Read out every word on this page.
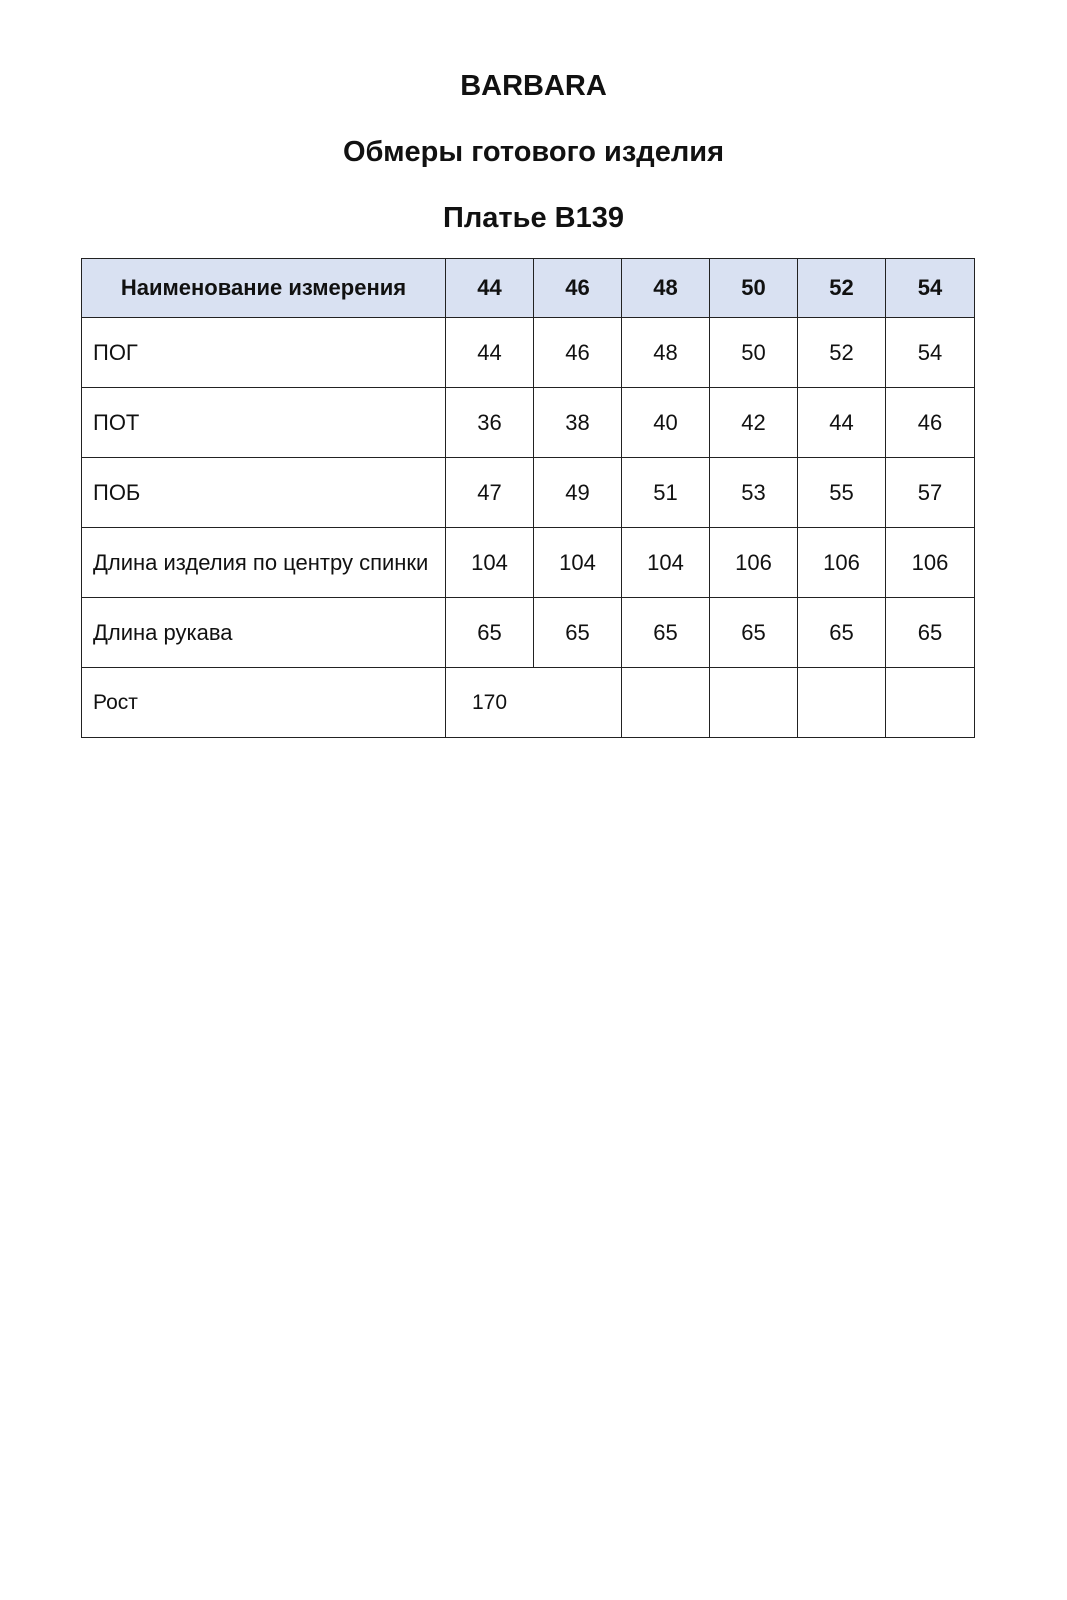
BARBARA
Обмеры готового изделия
Платье B139
Наименование измерения	44	46	48	50	52	54
ПОГ	44	46	48	50	52	54
ПОТ	36	38	40	42	44	46
ПОБ	47	49	51	53	55	57
Длина изделия по центру спинки	104	104	104	106	106	106
Длина рукава	65	65	65	65	65	65
Рост	170					
